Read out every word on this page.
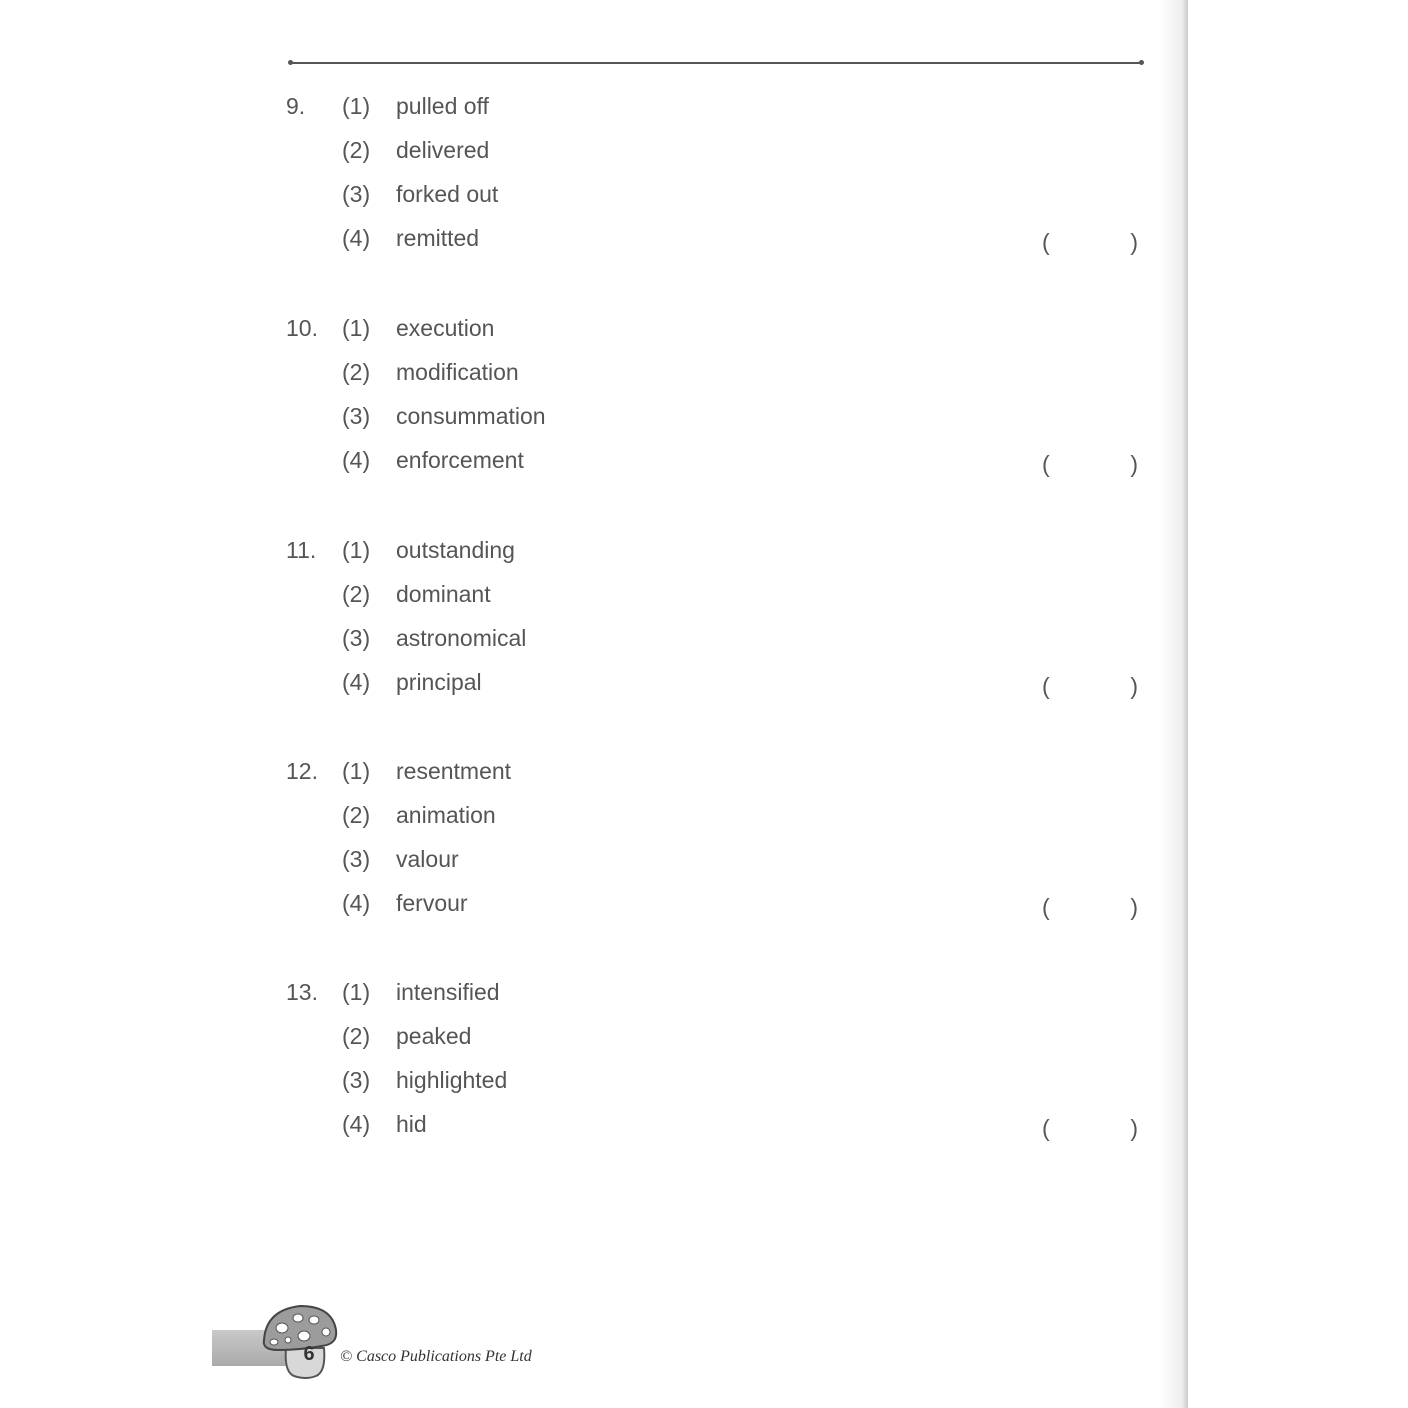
9. (1) pulled off
(2) delivered
(3) forked out
(4) remitted	(	)
10. (1) execution
(2) modification
(3) consummation
(4) enforcement	(	)
11. (1) outstanding
(2) dominant
(3) astronomical
(4) principal	(	)
12. (1) resentment
(2) animation
(3) valour
(4) fervour	(	)
13. (1) intensified
(2) peaked
(3) highlighted
(4) hid	(	)
6	© Casco Publications Pte Ltd
